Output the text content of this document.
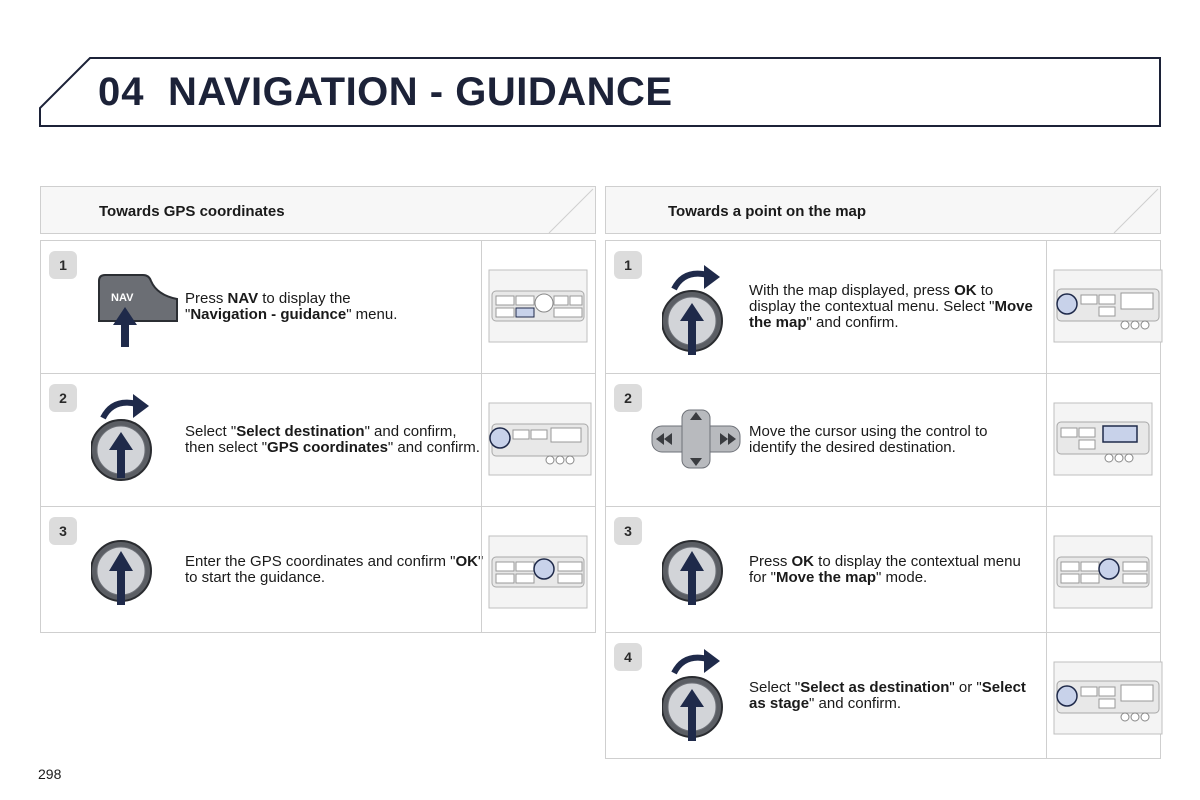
04 NAVIGATION - GUIDANCE
Towards GPS coordinates
1
NAV	Press NAV to display the
"Navigation - guidance" menu.
2
Select "Select destination" and confirm, then select "GPS coordinates" and confirm.
3
Enter the GPS coordinates and confirm "OK" to start the guidance.
Towards a point on the map
1
With the map displayed, press OK to display the contextual menu. Select "Move the map" and confirm.
2
Move the cursor using the control to identify the desired destination.
3
Press OK to display the contextual menu for "Move the map" mode.
4
Select "Select as destination" or "Select as stage" and confirm.
298
